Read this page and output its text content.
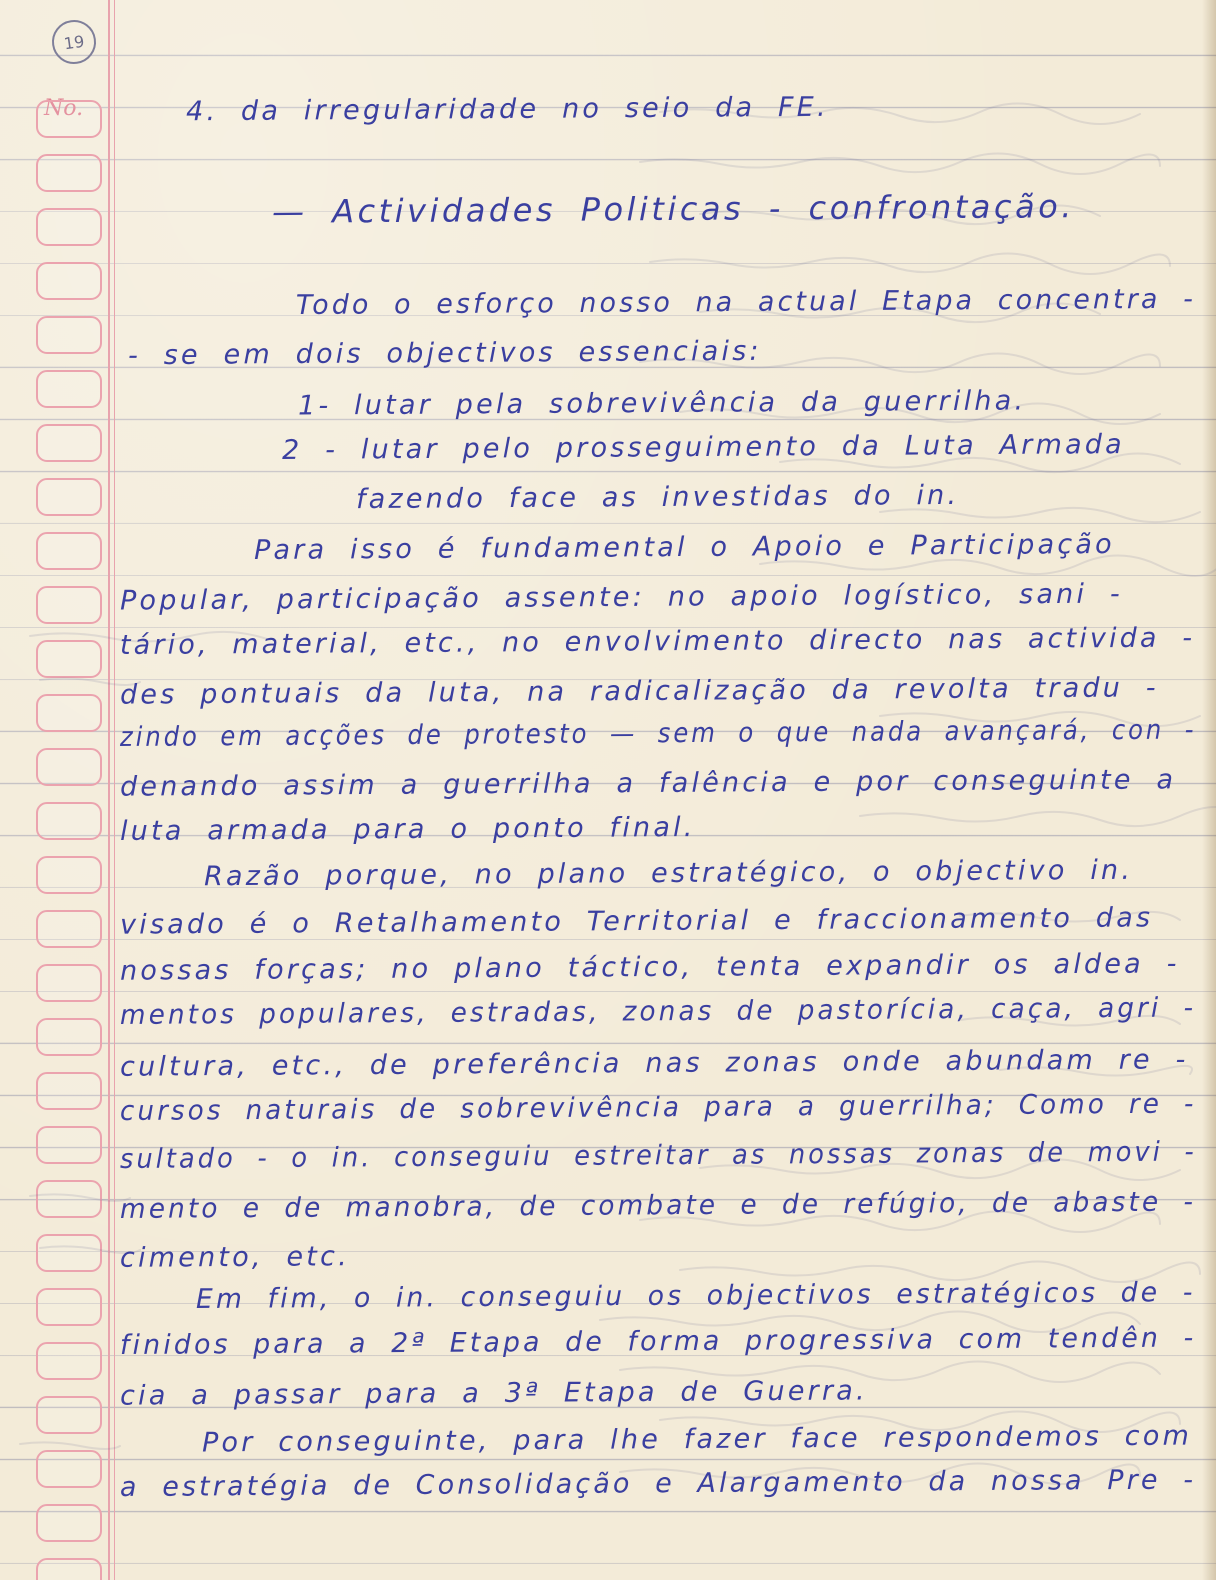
19
No.	4. da irregularidade no seio da FE.
— Actividades Politicas - confrontação.
Todo o esforço nosso na actual Etapa concentra -
- se em dois objectivos essenciais:
1- lutar pela sobrevivência da guerrilha.
2 - lutar pelo prosseguimento da Luta Armada
fazendo face as investidas do in.
Para isso é fundamental o Apoio e Participação
Popular, participação assente: no apoio logístico, sani -
tário, material, etc., no envolvimento directo nas activida -
des pontuais da luta, na radicalização da revolta tradu -
zindo em acções de protesto — sem o que nada avançará, con -
denando assim a guerrilha a falência e por conseguinte a
luta armada para o ponto final.
Razão porque, no plano estratégico, o objectivo in.
visado é o Retalhamento Territorial e fraccionamento das
nossas forças; no plano táctico, tenta expandir os aldea -
mentos populares, estradas, zonas de pastorícia, caça, agri -
cultura, etc., de preferência nas zonas onde abundam re -
cursos naturais de sobrevivência para a guerrilha; Como re -
sultado - o in. conseguiu estreitar as nossas zonas de movi -
mento e de manobra, de combate e de refúgio, de abaste -
cimento, etc.
Em fim, o in. conseguiu os objectivos estratégicos de -
finidos para a 2ª Etapa de forma progressiva com tendên -
cia a passar para a 3ª Etapa de Guerra.
Por conseguinte, para lhe fazer face respondemos com
a estratégia de Consolidação e Alargamento da nossa Pre -
